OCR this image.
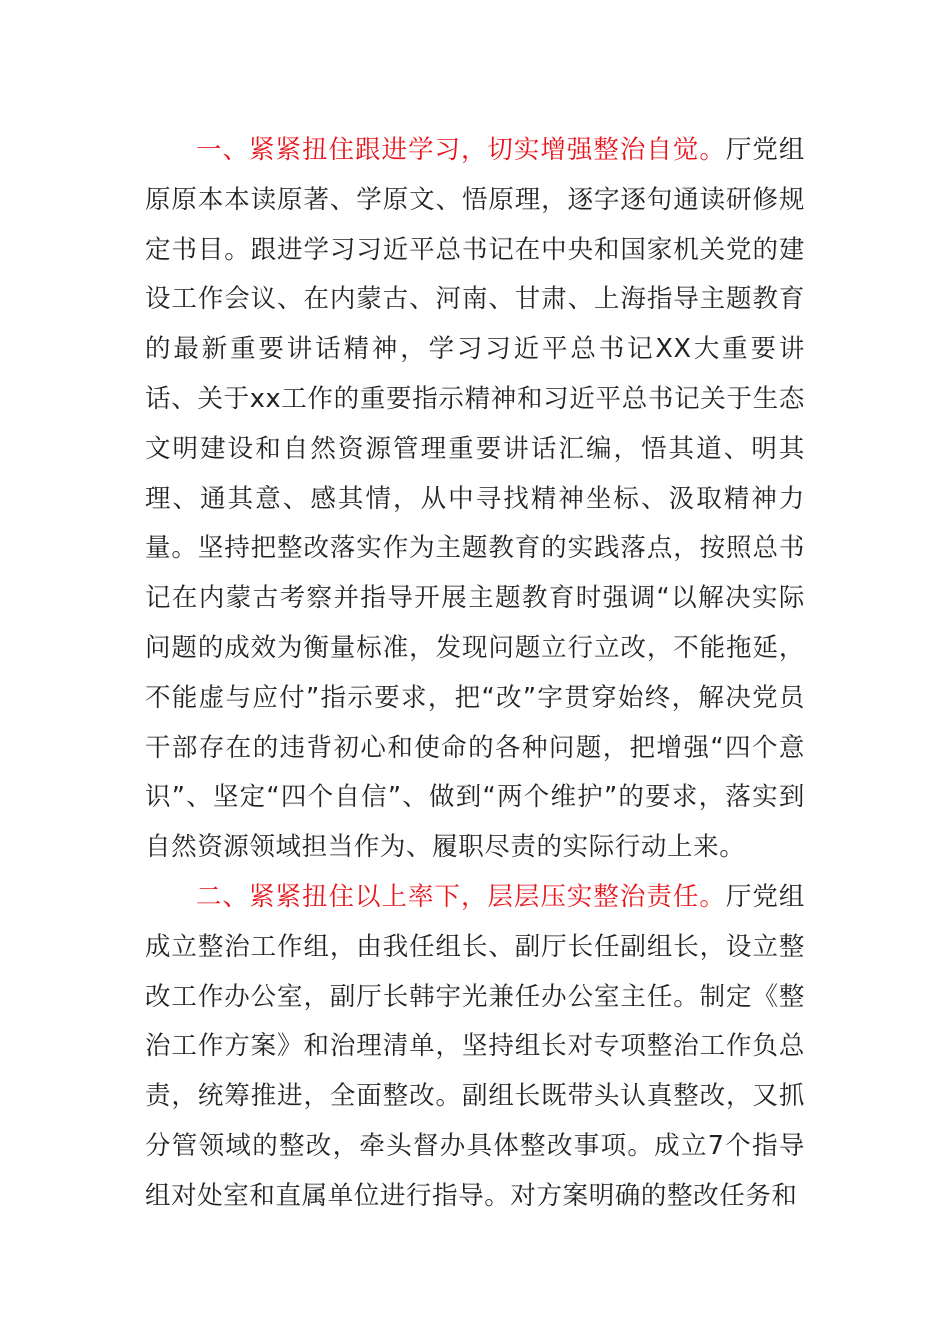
一、紧紧扭住跟进学习，切实增强整治自觉。厅党组原原本本读原著、学原文、悟原理，逐字逐句通读研修规定书目。跟进学习习近平总书记在中央和国家机关党的建设工作会议、在内蒙古、河南、甘肃、上海指导主题教育的最新重要讲话精神，学习习近平总书记XX大重要讲话、关于xx工作的重要指示精神和习近平总书记关于生态文明建设和自然资源管理重要讲话汇编，悟其道、明其理、通其意、感其情，从中寻找精神坐标、汲取精神力量。坚持把整改落实作为主题教育的实践落点，按照总书记在内蒙古考察并指导开展主题教育时强调“以解决实际问题的成效为衡量标准，发现问题立行立改，不能拖延，不能虚与应付”指示要求，把“改”字贯穿始终，解决党员干部存在的违背初心和使命的各种问题，把增强“四个意识”、坚定“四个自信”、做到“两个维护”的要求，落实到自然资源领域担当作为、履职尽责的实际行动上来。

二、紧紧扭住以上率下，层层压实整治责任。厅党组成立整治工作组，由我任组长、副厅长任副组长，设立整改工作办公室，副厅长韩宇光兼任办公室主任。制定《整治工作方案》和治理清单，坚持组长对专项整治工作负总责，统筹推进，全面整改。副组长既带头认真整改，又抓分管领域的整改，牵头督办具体整改事项。成立7个指导组对处室和直属单位进行指导。对方案明确的整改任务和
